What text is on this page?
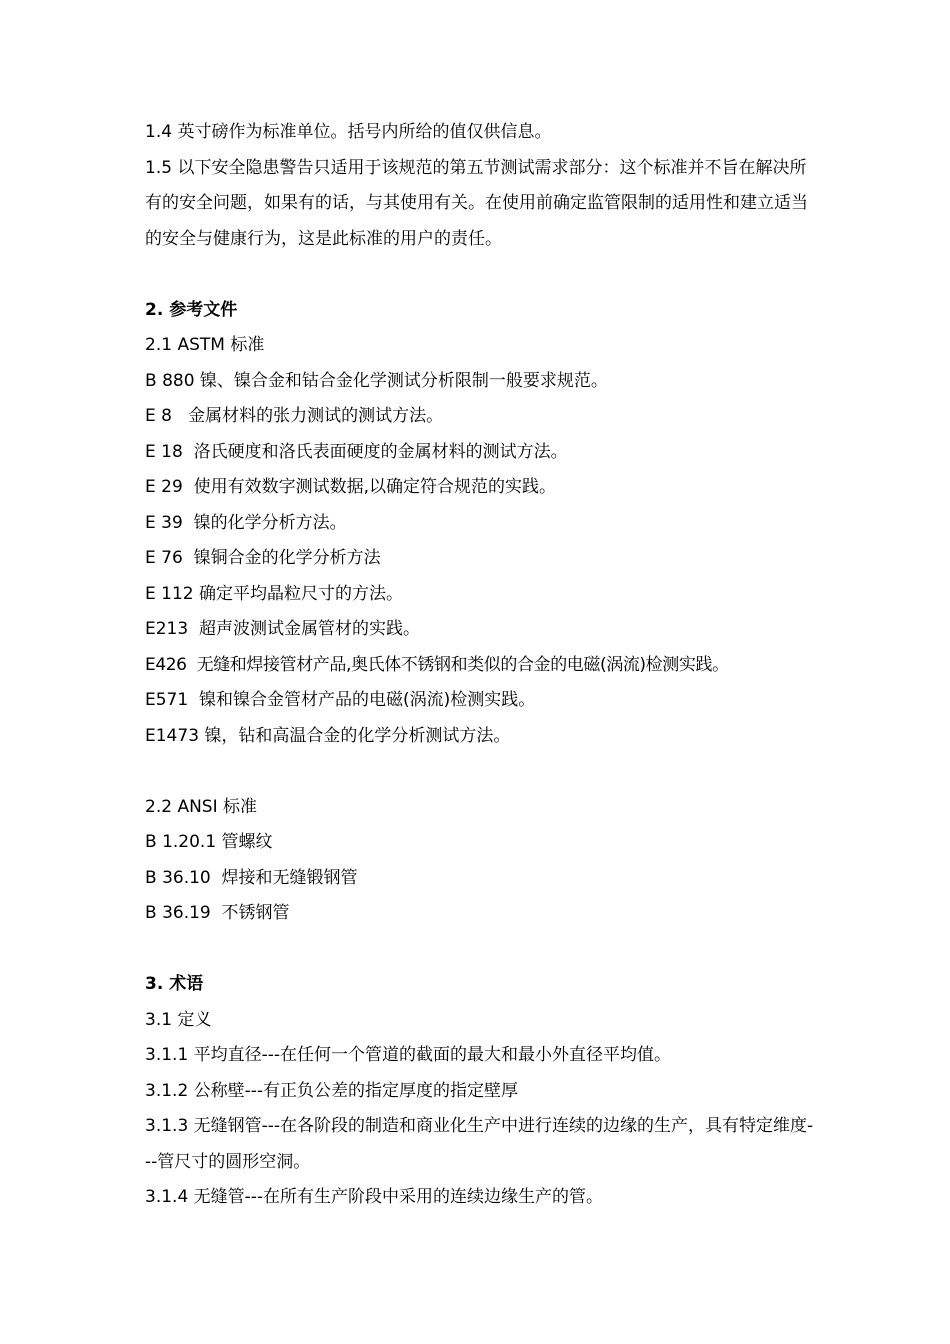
1.4 英寸磅作为标准单位。括号内所给的值仅供信息。

1.5 以下安全隐患警告只适用于该规范的第五节测试需求部分：这个标准并不旨在解决所有的安全问题，如果有的话，与其使用有关。在使用前确定监管限制的适用性和建立适当的安全与健康行为，这是此标准的用户的责任。

2. 参考文件

2.1 ASTM 标准

B 880 镍、镍合金和钴合金化学测试分析限制一般要求规范。

E 8   金属材料的张力测试的测试方法。

E 18  洛氏硬度和洛氏表面硬度的金属材料的测试方法。

E 29  使用有效数字测试数据,以确定符合规范的实践。

E 39  镍的化学分析方法。

E 76  镍铜合金的化学分析方法

E 112 确定平均晶粒尺寸的方法。

E213  超声波测试金属管材的实践。

E426  无缝和焊接管材产品,奥氏体不锈钢和类似的合金的电磁(涡流)检测实践。

E571  镍和镍合金管材产品的电磁(涡流)检测实践。

E1473 镍，钻和高温合金的化学分析测试方法。

2.2 ANSI 标准

B 1.20.1 管螺纹

B 36.10  焊接和无缝锻钢管

B 36.19  不锈钢管

3. 术语

3.1 定义

3.1.1 平均直径---在任何一个管道的截面的最大和最小外直径平均值。

3.1.2 公称壁---有正负公差的指定厚度的指定壁厚

3.1.3 无缝钢管---在各阶段的制造和商业化生产中进行连续的边缘的生产，具有特定维度---管尺寸的圆形空洞。

3.1.4 无缝管---在所有生产阶段中采用的连续边缘生产的管。
